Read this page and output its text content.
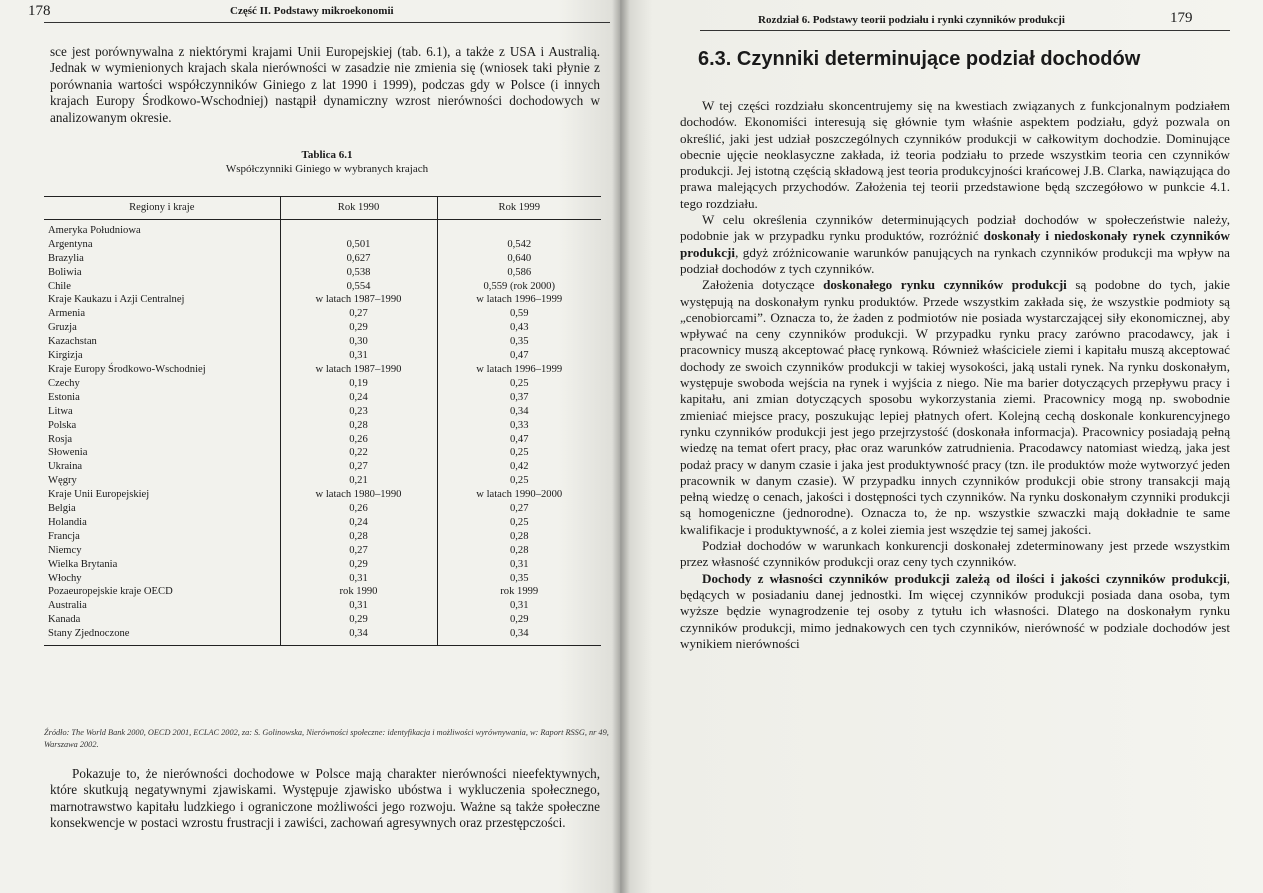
178	Część II. Podstawy mikroekonomii

sce jest porównywalna z niektórymi krajami Unii Europejskiej (tab. 6.1), a także z USA i Australią. Jednak w wymienionych krajach skala nierówności w zasadzie nie zmienia się (wniosek taki płynie z porównania wartości współczynników Giniego z lat 1990 i 1999), podczas gdy w Polsce (i innych krajach Europy Środkowo-Wschodniej) nastąpił dynamiczny wzrost nierówności dochodowych w analizowanym okresie.

Tablica 6.1
Współczynniki Giniego w wybranych krajach
Regiony i kraje	Rok 1990	Rok 1999

Ameryka Południowa		
Argentyna	0,501	0,542
Brazylia	0,627	0,640
Boliwia	0,538	0,586
Chile	0,554	0,559 (rok 2000)
Kraje Kaukazu i Azji Centralnej	w latach 1987–1990	w latach 1996–1999
Armenia	0,27	0,59
Gruzja	0,29	0,43
Kazachstan	0,30	0,35
Kirgizja	0,31	0,47
Kraje Europy Środkowo-Wschodniej	w latach 1987–1990	w latach 1996–1999
Czechy	0,19	0,25
Estonia	0,24	0,37
Litwa	0,23	0,34
Polska	0,28	0,33
Rosja	0,26	0,47
Słowenia	0,22	0,25
Ukraina	0,27	0,42
Węgry	0,21	0,25
Kraje Unii Europejskiej	w latach 1980–1990	w latach 1990–2000
Belgia	0,26	0,27
Holandia	0,24	0,25
Francja	0,28	0,28
Niemcy	0,27	0,28
Wielka Brytania	0,29	0,31
Włochy	0,31	0,35
Pozaeuropejskie kraje OECD	rok 1990	rok 1999
Australia	0,31	0,31
Kanada	0,29	0,29
Stany Zjednoczone	0,34	0,34
Źródło: The World Bank 2000, OECD 2001, ECLAC 2002, za: S. Golinowska, Nierówności społeczne: identyfikacja i możliwości wyrównywania, w: Raport RSSG, nr 49, Warszawa 2002.

Pokazuje to, że nierówności dochodowe w Polsce mają charakter nierówności nieefektywnych, które skutkują negatywnymi zjawiskami. Występuje zjawisko ubóstwa i wykluczenia społecznego, marnotrawstwo kapitału ludzkiego i ograniczone możliwości jego rozwoju. Ważne są także społeczne konsekwencje w postaci wzrostu frustracji i zawiści, zachowań agresywnych oraz przestępczości.

Rozdział 6. Podstawy teorii podziału i rynki czynników produkcji	179
6.3. Czynniki determinujące podział dochodów

W tej części rozdziału skoncentrujemy się na kwestiach związanych z funkcjonalnym podziałem dochodów. Ekonomiści interesują się głównie tym właśnie aspektem podziału, gdyż pozwala on określić, jaki jest udział poszczególnych czynników produkcji w całkowitym dochodzie. Dominujące obecnie ujęcie neoklasyczne zakłada, iż teoria podziału to przede wszystkim teoria cen czynników produkcji. Jej istotną częścią składową jest teoria produkcyjności krańcowej J.B. Clarka, nawiązująca do prawa malejących przychodów. Założenia tej teorii przedstawione będą szczegółowo w punkcie 4.1. tego rozdziału.

W celu określenia czynników determinujących podział dochodów w społeczeństwie należy, podobnie jak w przypadku rynku produktów, rozróżnić doskonały i niedoskonały rynek czynników produkcji, gdyż zróżnicowanie warunków panujących na rynkach czynników produkcji ma wpływ na podział dochodów z tych czynników.

Założenia dotyczące doskonałego rynku czynników produkcji są podobne do tych, jakie występują na doskonałym rynku produktów. Przede wszystkim zakłada się, że wszystkie podmioty są „cenobiorcami”. Oznacza to, że żaden z podmiotów nie posiada wystarczającej siły ekonomicznej, aby wpływać na ceny czynników produkcji. W przypadku rynku pracy zarówno pracodawcy, jak i pracownicy muszą akceptować płacę rynkową. Również właściciele ziemi i kapitału muszą akceptować dochody ze swoich czynników produkcji w takiej wysokości, jaką ustali rynek. Na rynku doskonałym, występuje swoboda wejścia na rynek i wyjścia z niego. Nie ma barier dotyczących przepływu pracy i kapitału, ani zmian dotyczących sposobu wykorzystania ziemi. Pracownicy mogą np. swobodnie zmieniać miejsce pracy, poszukując lepiej płatnych ofert. Kolejną cechą doskonale konkurencyjnego rynku czynników produkcji jest jego przejrzystość (doskonała informacja). Pracownicy posiadają pełną wiedzę na temat ofert pracy, płac oraz warunków zatrudnienia. Pracodawcy natomiast wiedzą, jaka jest podaż pracy w danym czasie i jaka jest produktywność pracy (tzn. ile produktów może wytworzyć jeden pracownik w danym czasie). W przypadku innych czynników produkcji obie strony transakcji mają pełną wiedzę o cenach, jakości i dostępności tych czynników. Na rynku doskonałym czynniki produkcji są homogeniczne (jednorodne). Oznacza to, że np. wszystkie szwaczki mają dokładnie te same kwalifikacje i produktywność, a z kolei ziemia jest wszędzie tej samej jakości.

Podział dochodów w warunkach konkurencji doskonałej zdeterminowany jest przede wszystkim przez własność czynników produkcji oraz ceny tych czynników.

Dochody z własności czynników produkcji zależą od ilości i jakości czynników produkcji, będących w posiadaniu danej jednostki. Im więcej czynników produkcji posiada dana osoba, tym wyższe będzie wynagrodzenie tej osoby z tytułu ich własności. Dlatego na doskonałym rynku czynników produkcji, mimo jednakowych cen tych czynników, nierówność w podziale dochodów jest wynikiem nierówności
